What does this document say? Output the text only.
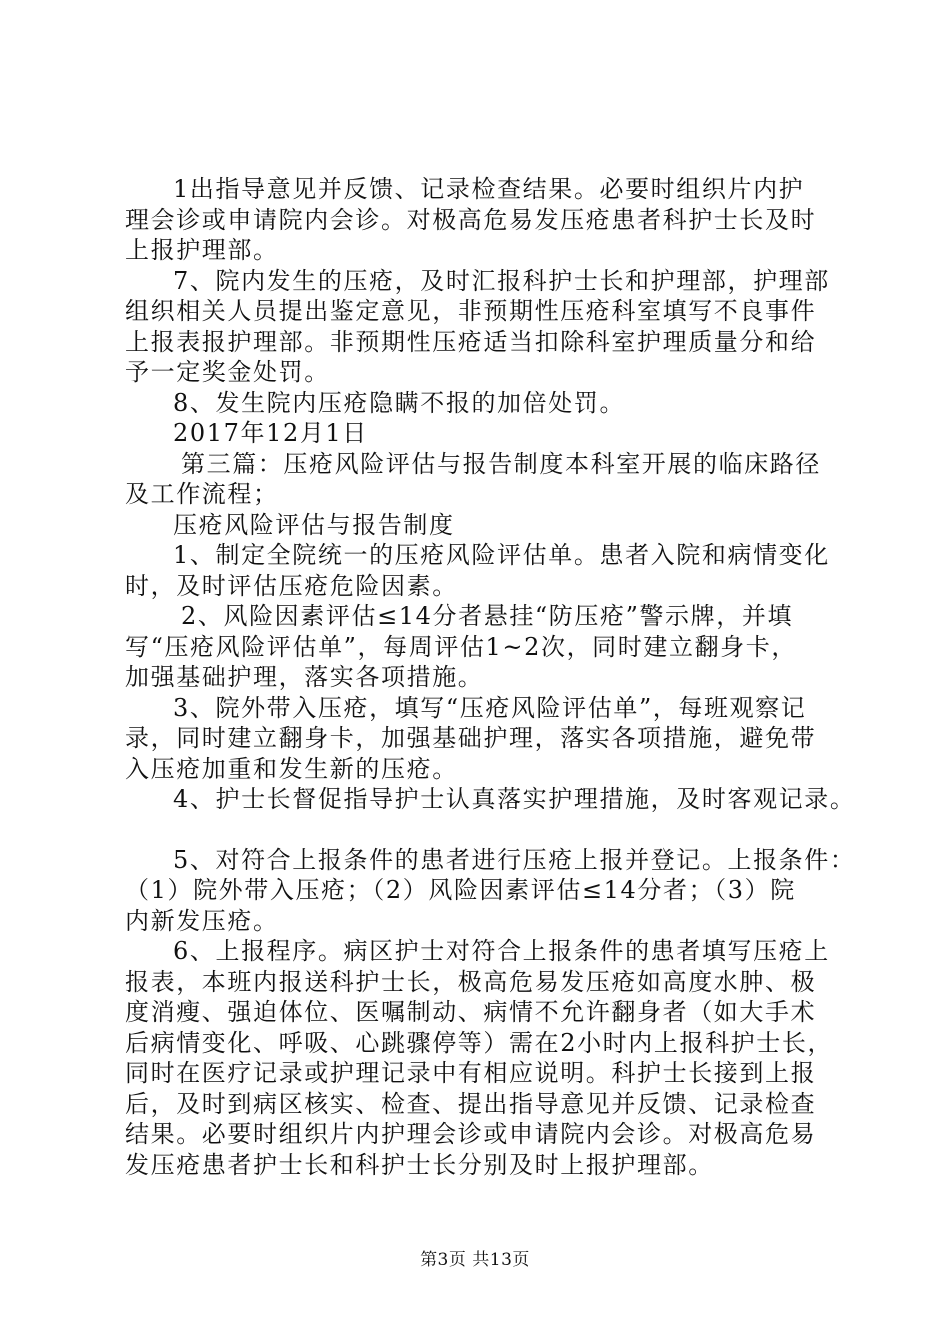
1出指导意见并反馈、记录检查结果。必要时组织片内护

理会诊或申请院内会诊。对极高危易发压疮患者科护士长及时

上报护理部。

7、院内发生的压疮，及时汇报科护士长和护理部，护理部

组织相关人员提出鉴定意见，非预期性压疮科室填写不良事件

上报表报护理部。非预期性压疮适当扣除科室护理质量分和给

予一定奖金处罚。

8、发生院内压疮隐瞒不报的加倍处罚。

2017年12月1日

第三篇：压疮风险评估与报告制度本科室开展的临床路径

及工作流程；

压疮风险评估与报告制度

1、制定全院统一的压疮风险评估单。患者入院和病情变化

时，及时评估压疮危险因素。

2、风险因素评估≤14分者悬挂“防压疮”警示牌，并填

写“压疮风险评估单”，每周评估1~2次，同时建立翻身卡，

加强基础护理，落实各项措施。

3、院外带入压疮，填写“压疮风险评估单”，每班观察记

录，同时建立翻身卡，加强基础护理，落实各项措施，避免带

入压疮加重和发生新的压疮。

4、护士长督促指导护士认真落实护理措施，及时客观记录。

5、对符合上报条件的患者进行压疮上报并登记。上报条件：

（1）院外带入压疮；（2）风险因素评估≤14分者；（3）院

内新发压疮。

6、上报程序。病区护士对符合上报条件的患者填写压疮上

报表，本班内报送科护士长，极高危易发压疮如高度水肿、极

度消瘦、强迫体位、医嘱制动、病情不允许翻身者（如大手术

后病情变化、呼吸、心跳骤停等）需在2小时内上报科护士长，

同时在医疗记录或护理记录中有相应说明。科护士长接到上报

后，及时到病区核实、检查、提出指导意见并反馈、记录检查

结果。必要时组织片内护理会诊或申请院内会诊。对极高危易

发压疮患者护士长和科护士长分别及时上报护理部。

第3页 共13页
